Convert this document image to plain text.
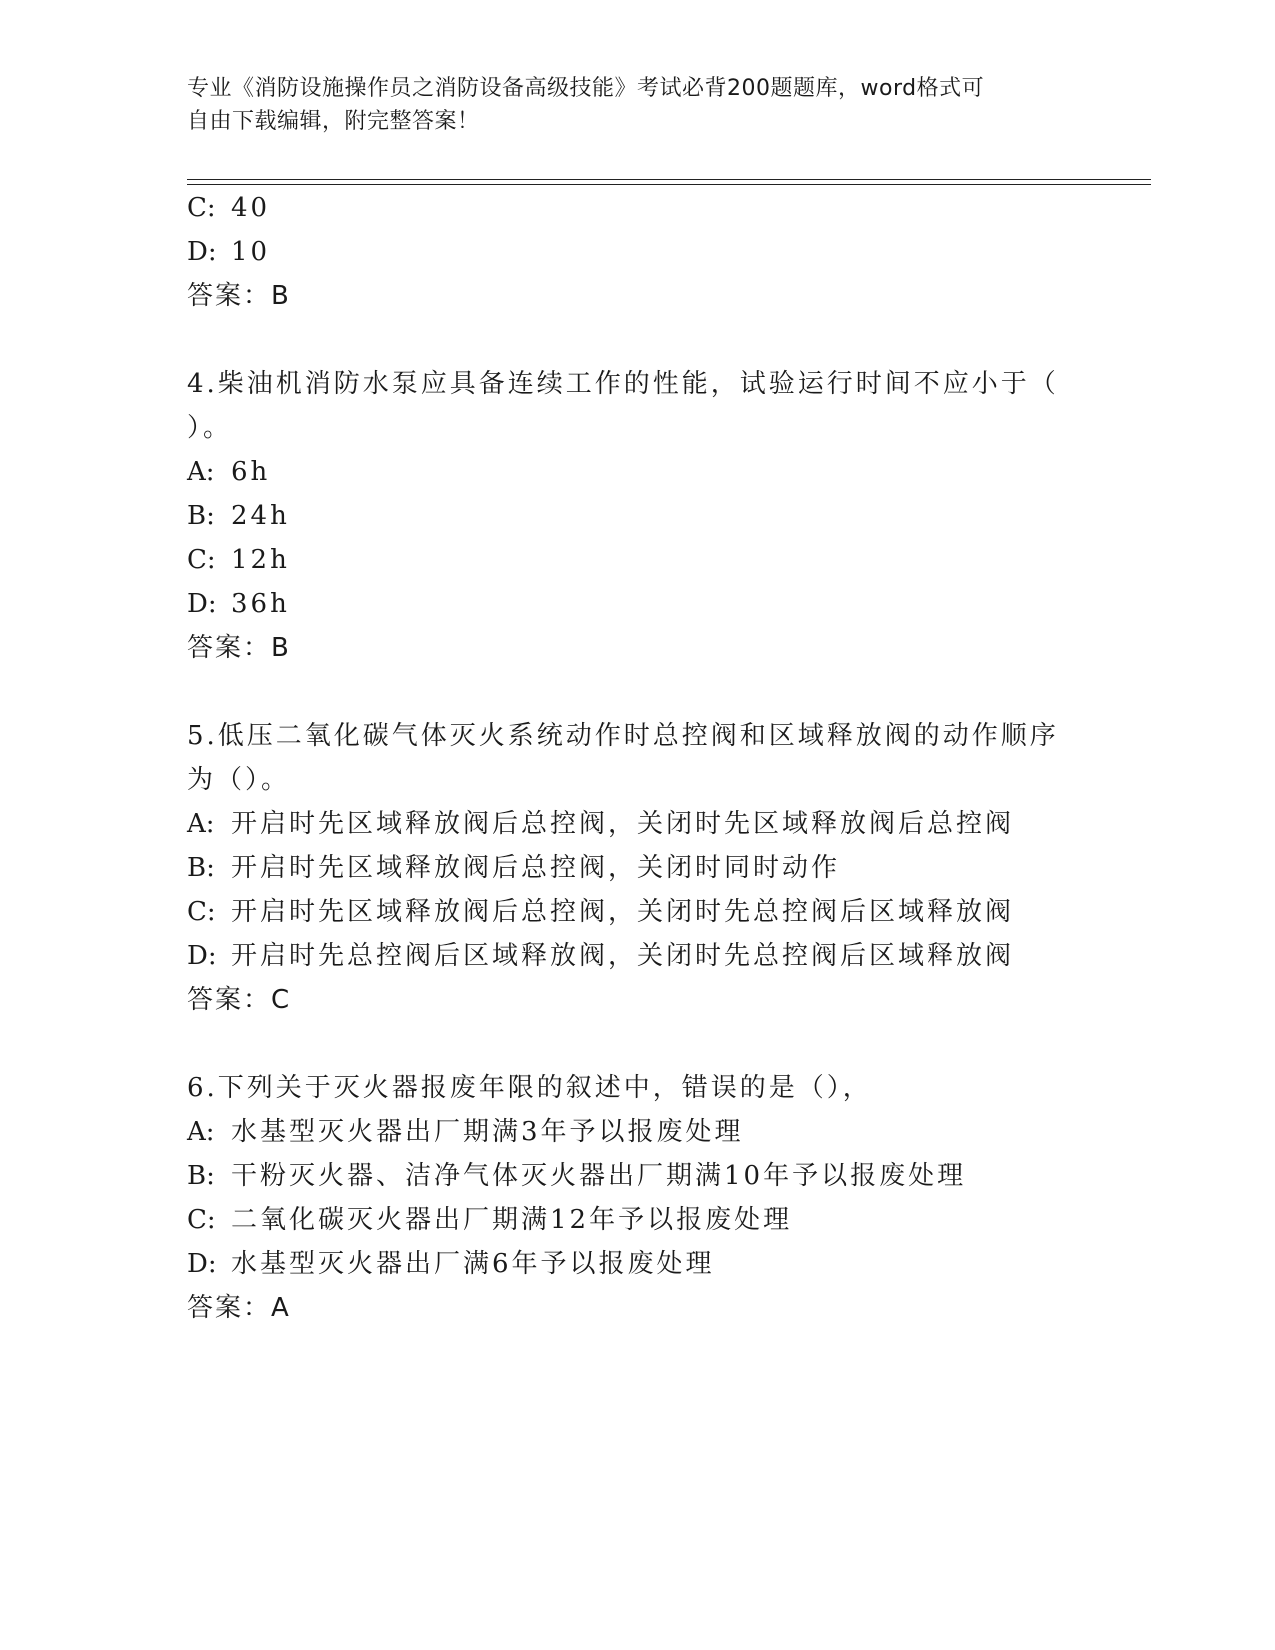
专业《消防设施操作员之消防设备高级技能》考试必背200题题库，word格式可
自由下载编辑，附完整答案！
C: 40
D: 10
答案：B
4.柴油机消防水泵应具备连续工作的性能，试验运行时间不应小于（
）。
A: 6h
B: 24h
C: 12h
D: 36h
答案：B
5.低压二氧化碳气体灭火系统动作时总控阀和区域释放阀的动作顺序
为（）。
A: 开启时先区域释放阀后总控阀，关闭时先区域释放阀后总控阀
B: 开启时先区域释放阀后总控阀，关闭时同时动作
C: 开启时先区域释放阀后总控阀，关闭时先总控阀后区域释放阀
D: 开启时先总控阀后区域释放阀，关闭时先总控阀后区域释放阀
答案：C
6.下列关于灭火器报废年限的叙述中，错误的是（），
A: 水基型灭火器出厂期满3年予以报废处理
B: 干粉灭火器、洁净气体灭火器出厂期满10年予以报废处理
C: 二氧化碳灭火器出厂期满12年予以报废处理
D: 水基型灭火器出厂满6年予以报废处理
答案：A
